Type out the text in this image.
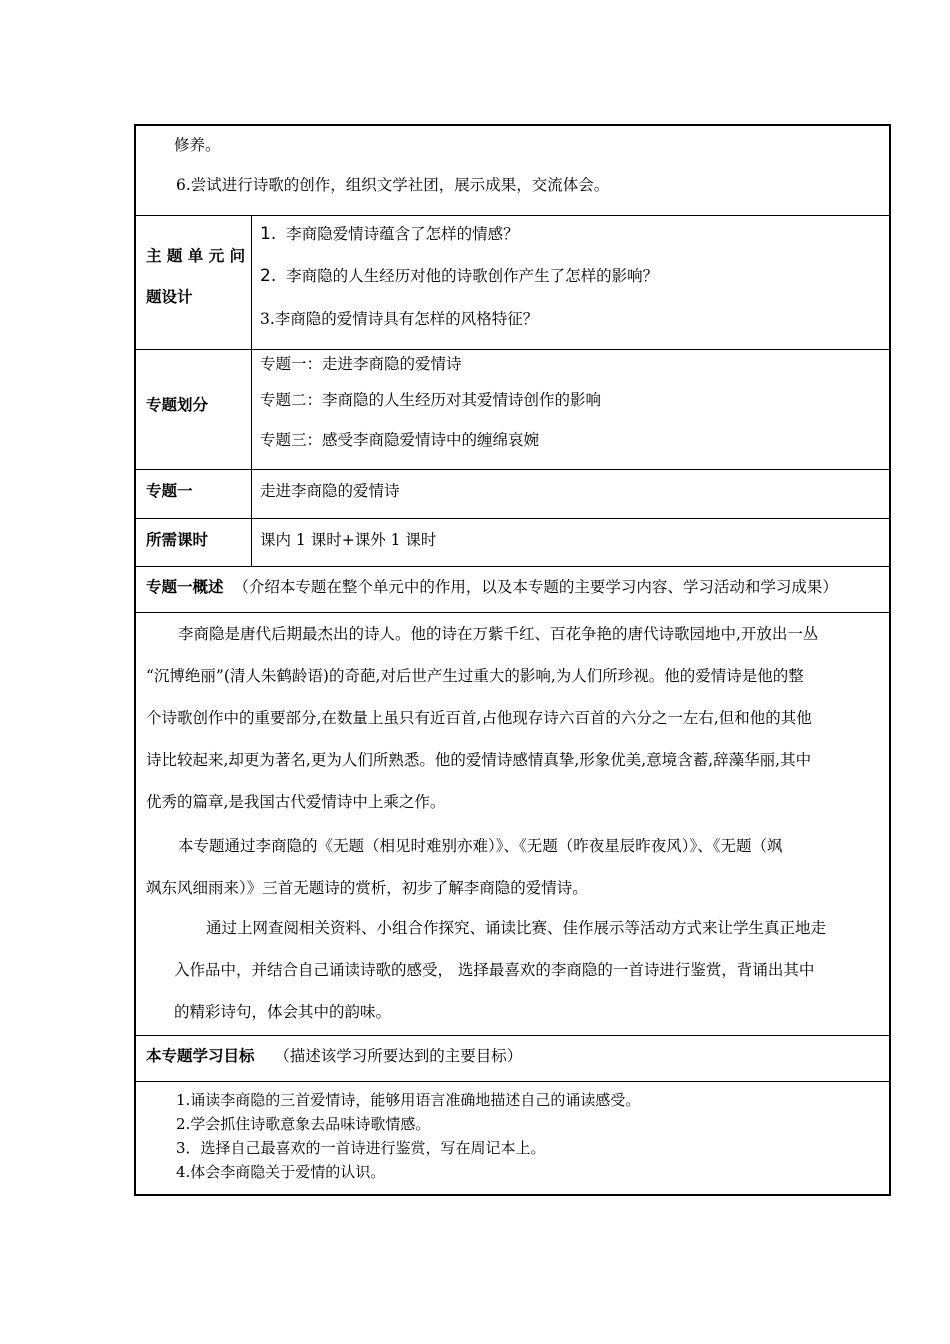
修养。
6.尝试进行诗歌的创作，组织文学社团，展示成果，交流体会。
主 题 单 元 问
题设计
1. 李商隐爱情诗蕴含了怎样的情感？
2. 李商隐的人生经历对他的诗歌创作产生了怎样的影响？
3.李商隐的爱情诗具有怎样的风格特征？
专题划分
专题一：走进李商隐的爱情诗
专题二：李商隐的人生经历对其爱情诗创作的影响
专题三：感受李商隐爱情诗中的缠绵哀婉
专题一	走进李商隐的爱情诗
所需课时	课内 1 课时+课外 1 课时
专题一概述 （介绍本专题在整个单元中的作用，以及本专题的主要学习内容、学习活动和学习成果）
李商隐是唐代后期最杰出的诗人。他的诗在万紫千红、百花争艳的唐代诗歌园地中,开放出一丛
“沉博绝丽”(清人朱鹤龄语)的奇葩,对后世产生过重大的影响,为人们所珍视。他的爱情诗是他的整
个诗歌创作中的重要部分,在数量上虽只有近百首,占他现存诗六百首的六分之一左右,但和他的其他
诗比较起来,却更为著名,更为人们所熟悉。他的爱情诗感情真挚,形象优美,意境含蓄,辞藻华丽,其中
优秀的篇章,是我国古代爱情诗中上乘之作。
本专题通过李商隐的《无题（相见时难别亦难）》、《无题（昨夜星辰昨夜风）》、《无题（飒
飒东风细雨来）》三首无题诗的赏析，初步了解李商隐的爱情诗。
通过上网查阅相关资料、小组合作探究、诵读比赛、佳作展示等活动方式来让学生真正地走
入作品中，并结合自己诵读诗歌的感受， 选择最喜欢的李商隐的一首诗进行鉴赏，背诵出其中
的精彩诗句，体会其中的韵味。
本专题学习目标 （描述该学习所要达到的主要目标）
1.诵读李商隐的三首爱情诗，能够用语言准确地描述自己的诵读感受。
2.学会抓住诗歌意象去品味诗歌情感。
3．选择自己最喜欢的一首诗进行鉴赏，写在周记本上。
4.体会李商隐关于爱情的认识。
